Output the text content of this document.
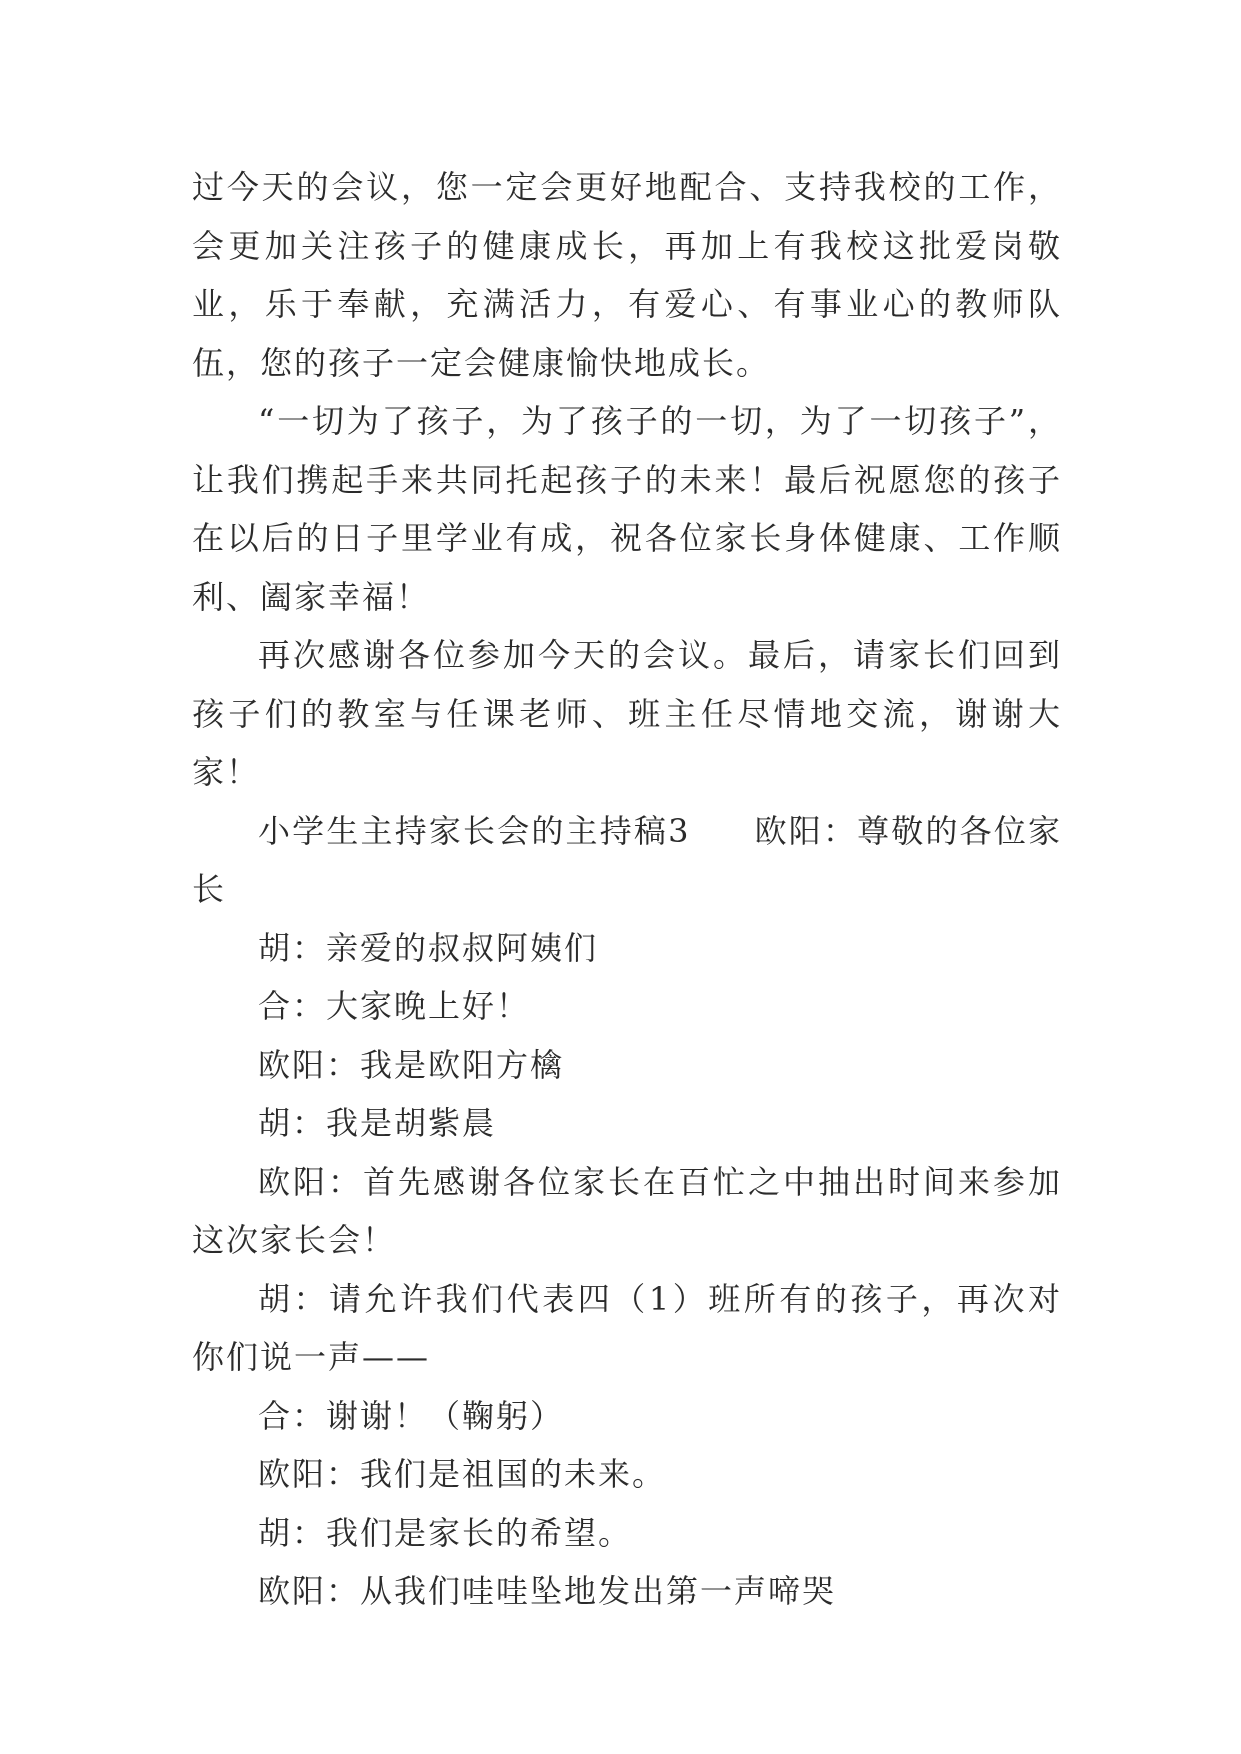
过今天的会议，您一定会更好地配合、支持我校的工作，会更加关注孩子的健康成长，再加上有我校这批爱岗敬业，乐于奉献，充满活力，有爱心、有事业心的教师队伍，您的孩子一定会健康愉快地成长。

“一切为了孩子，为了孩子的一切，为了一切孩子”，让我们携起手来共同托起孩子的未来！最后祝愿您的孩子在以后的日子里学业有成，祝各位家长身体健康、工作顺利、阖家幸福！

再次感谢各位参加今天的会议。最后，请家长们回到孩子们的教室与任课老师、班主任尽情地交流，谢谢大家！

小学生主持家长会的主持稿3 欧阳：尊敬的各位家长

胡：亲爱的叔叔阿姨们

合：大家晚上好！

欧阳：我是欧阳方檎

胡：我是胡紫晨

欧阳：首先感谢各位家长在百忙之中抽出时间来参加这次家长会！

胡：请允许我们代表四（1）班所有的孩子，再次对你们说一声——

合：谢谢！（鞠躬）

欧阳：我们是祖国的未来。

胡：我们是家长的希望。

欧阳：从我们哇哇坠地发出第一声啼哭
